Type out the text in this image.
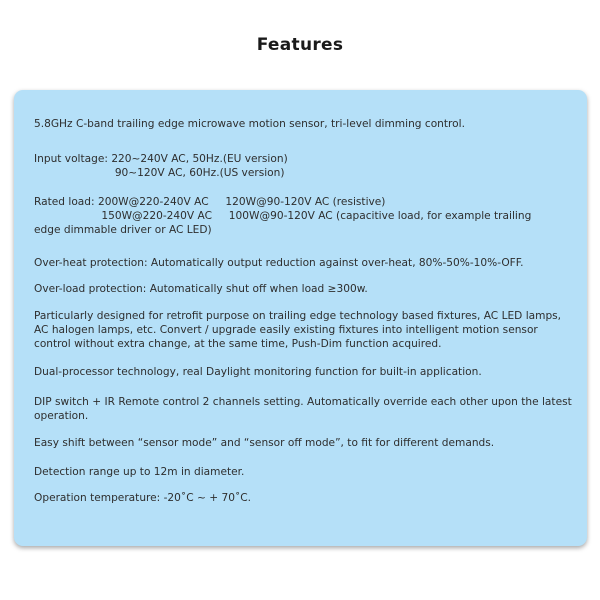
Features

5.8GHz C-band trailing edge microwave motion sensor, tri-level dimming control.

Input voltage: 220~240V AC, 50Hz.(EU version)
90~120V AC, 60Hz.(US version)

Rated load: 200W@220-240V AC     120W@90-120V AC (resistive)
150W@220-240V AC     100W@90-120V AC (capacitive load, for example trailing
edge dimmable driver or AC LED)

Over-heat protection: Automatically output reduction against over-heat, 80%-50%-10%-OFF.

Over-load protection: Automatically shut off when load ≥300w.

Particularly designed for retrofit purpose on trailing edge technology based fixtures, AC LED lamps, AC halogen lamps, etc. Convert / upgrade easily existing fixtures into intelligent motion sensor control without extra change, at the same time, Push-Dim function acquired.

Dual-processor technology, real Daylight monitoring function for built-in application.

DIP switch + IR Remote control 2 channels setting. Automatically override each other upon the latest operation.

Easy shift between “sensor mode” and “sensor off mode”, to fit for different demands.

Detection range up to 12m in diameter.

Operation temperature: -20˚C ~ + 70˚C.
